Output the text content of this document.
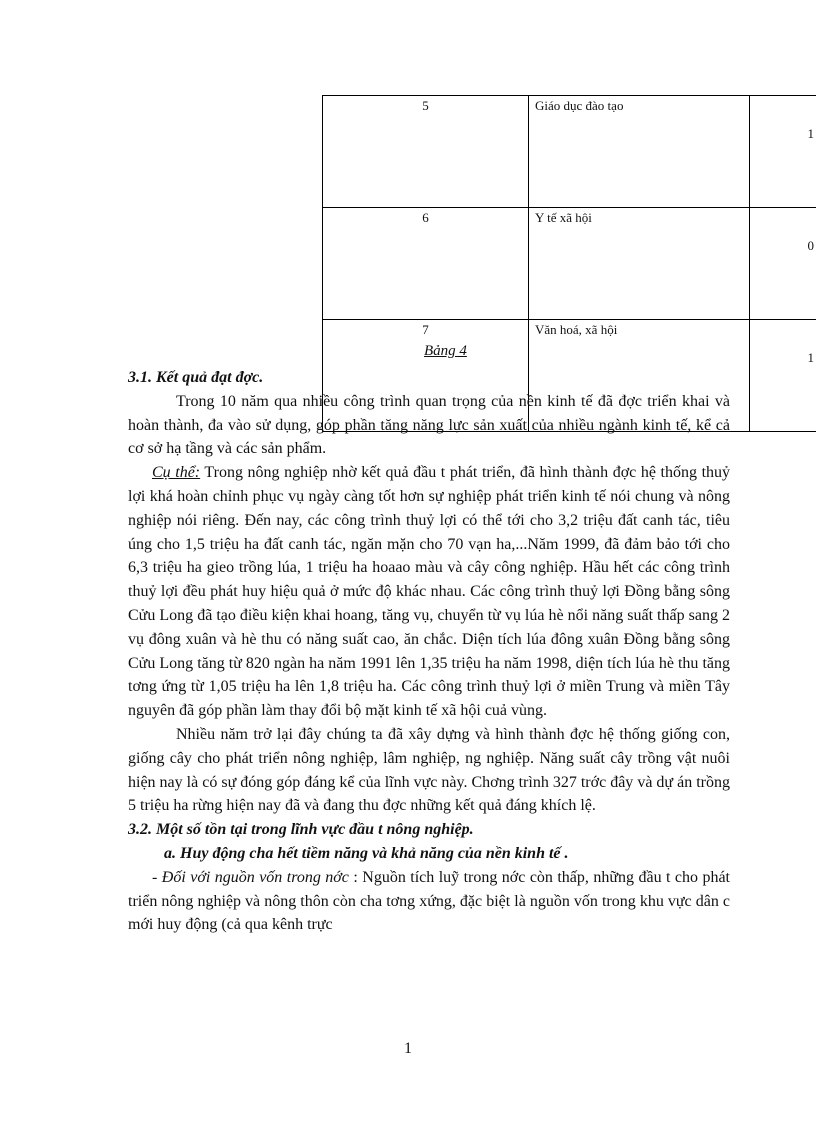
5	Giáo dục đào tạo	1
6	Y tế xã hội	0
7	Văn hoá, xã hội	1
Bảng 4

3.1. Kết quả đạt đợc.

Trong 10 năm qua nhiều công trình quan trọng của nền kinh tế đã đợc triển khai và hoàn thành, đa vào sử dụng, góp phần tăng năng lực sản xuất của nhiều ngành kinh tế, kể cả cơ sở hạ tầng và các sản phẩm.

Cụ thể: Trong nông nghiệp nhờ kết quả đầu t phát triển, đã hình thành đợc hệ thống thuỷ lợi khá hoàn chỉnh phục vụ ngày càng tốt hơn sự nghiệp phát triển kinh tế nói chung và nông nghiệp nói riêng. Đến nay, các công trình thuỷ lợi có thể tới cho 3,2 triệu đất canh tác, tiêu úng cho 1,5 triệu ha đất canh tác, ngăn mặn cho 70 vạn ha,...Năm 1999, đã đảm bảo tới cho 6,3 triệu ha gieo trồng lúa, 1 triệu ha hoaao màu và cây công nghiệp. Hầu hết các công trình thuỷ lợi đều phát huy hiệu quả ở mức độ khác nhau. Các công trình thuỷ lợi Đồng bằng sông Cửu Long đã tạo điều kiện khai hoang, tăng vụ, chuyển từ vụ lúa hè nổi năng suất thấp sang 2 vụ đông xuân và hè thu có năng suất cao, ăn chắc. Diện tích lúa đông xuân Đồng bằng sông Cửu Long tăng từ 820 ngàn ha năm 1991 lên 1,35 triệu ha năm 1998, diện tích lúa hè thu tăng tơng ứng từ 1,05 triệu ha lên 1,8 triệu ha. Các công trình thuỷ lợi ở miền Trung và miền Tây nguyên đã góp phần làm thay đổi bộ mặt kinh tế xã hội cuả vùng.

Nhiều năm trở lại đây chúng ta đã xây dựng và hình thành đợc hệ thống giống con, giống cây cho phát triển nông nghiệp, lâm nghiệp, ng nghiệp. Năng suất cây trồng vật nuôi hiện nay là có sự đóng góp đáng kể của lĩnh vực này. Chơng trình 327 trớc đây và dự án trồng 5 triệu ha rừng hiện nay đã và đang thu đợc những kết quả đáng khích lệ.

3.2. Một số tồn tại trong lĩnh vực đầu t nông nghiệp.

a. Huy động cha hết tiềm năng và khả năng của nền kinh tế .

- Đối với nguồn vốn trong nớc : Nguồn tích luỹ trong nớc còn thấp, những đầu t cho phát triển nông nghiệp và nông thôn còn cha tơng xứng, đặc biệt là nguồn vốn trong khu vực dân c mới huy động (cả qua kênh trực

1
